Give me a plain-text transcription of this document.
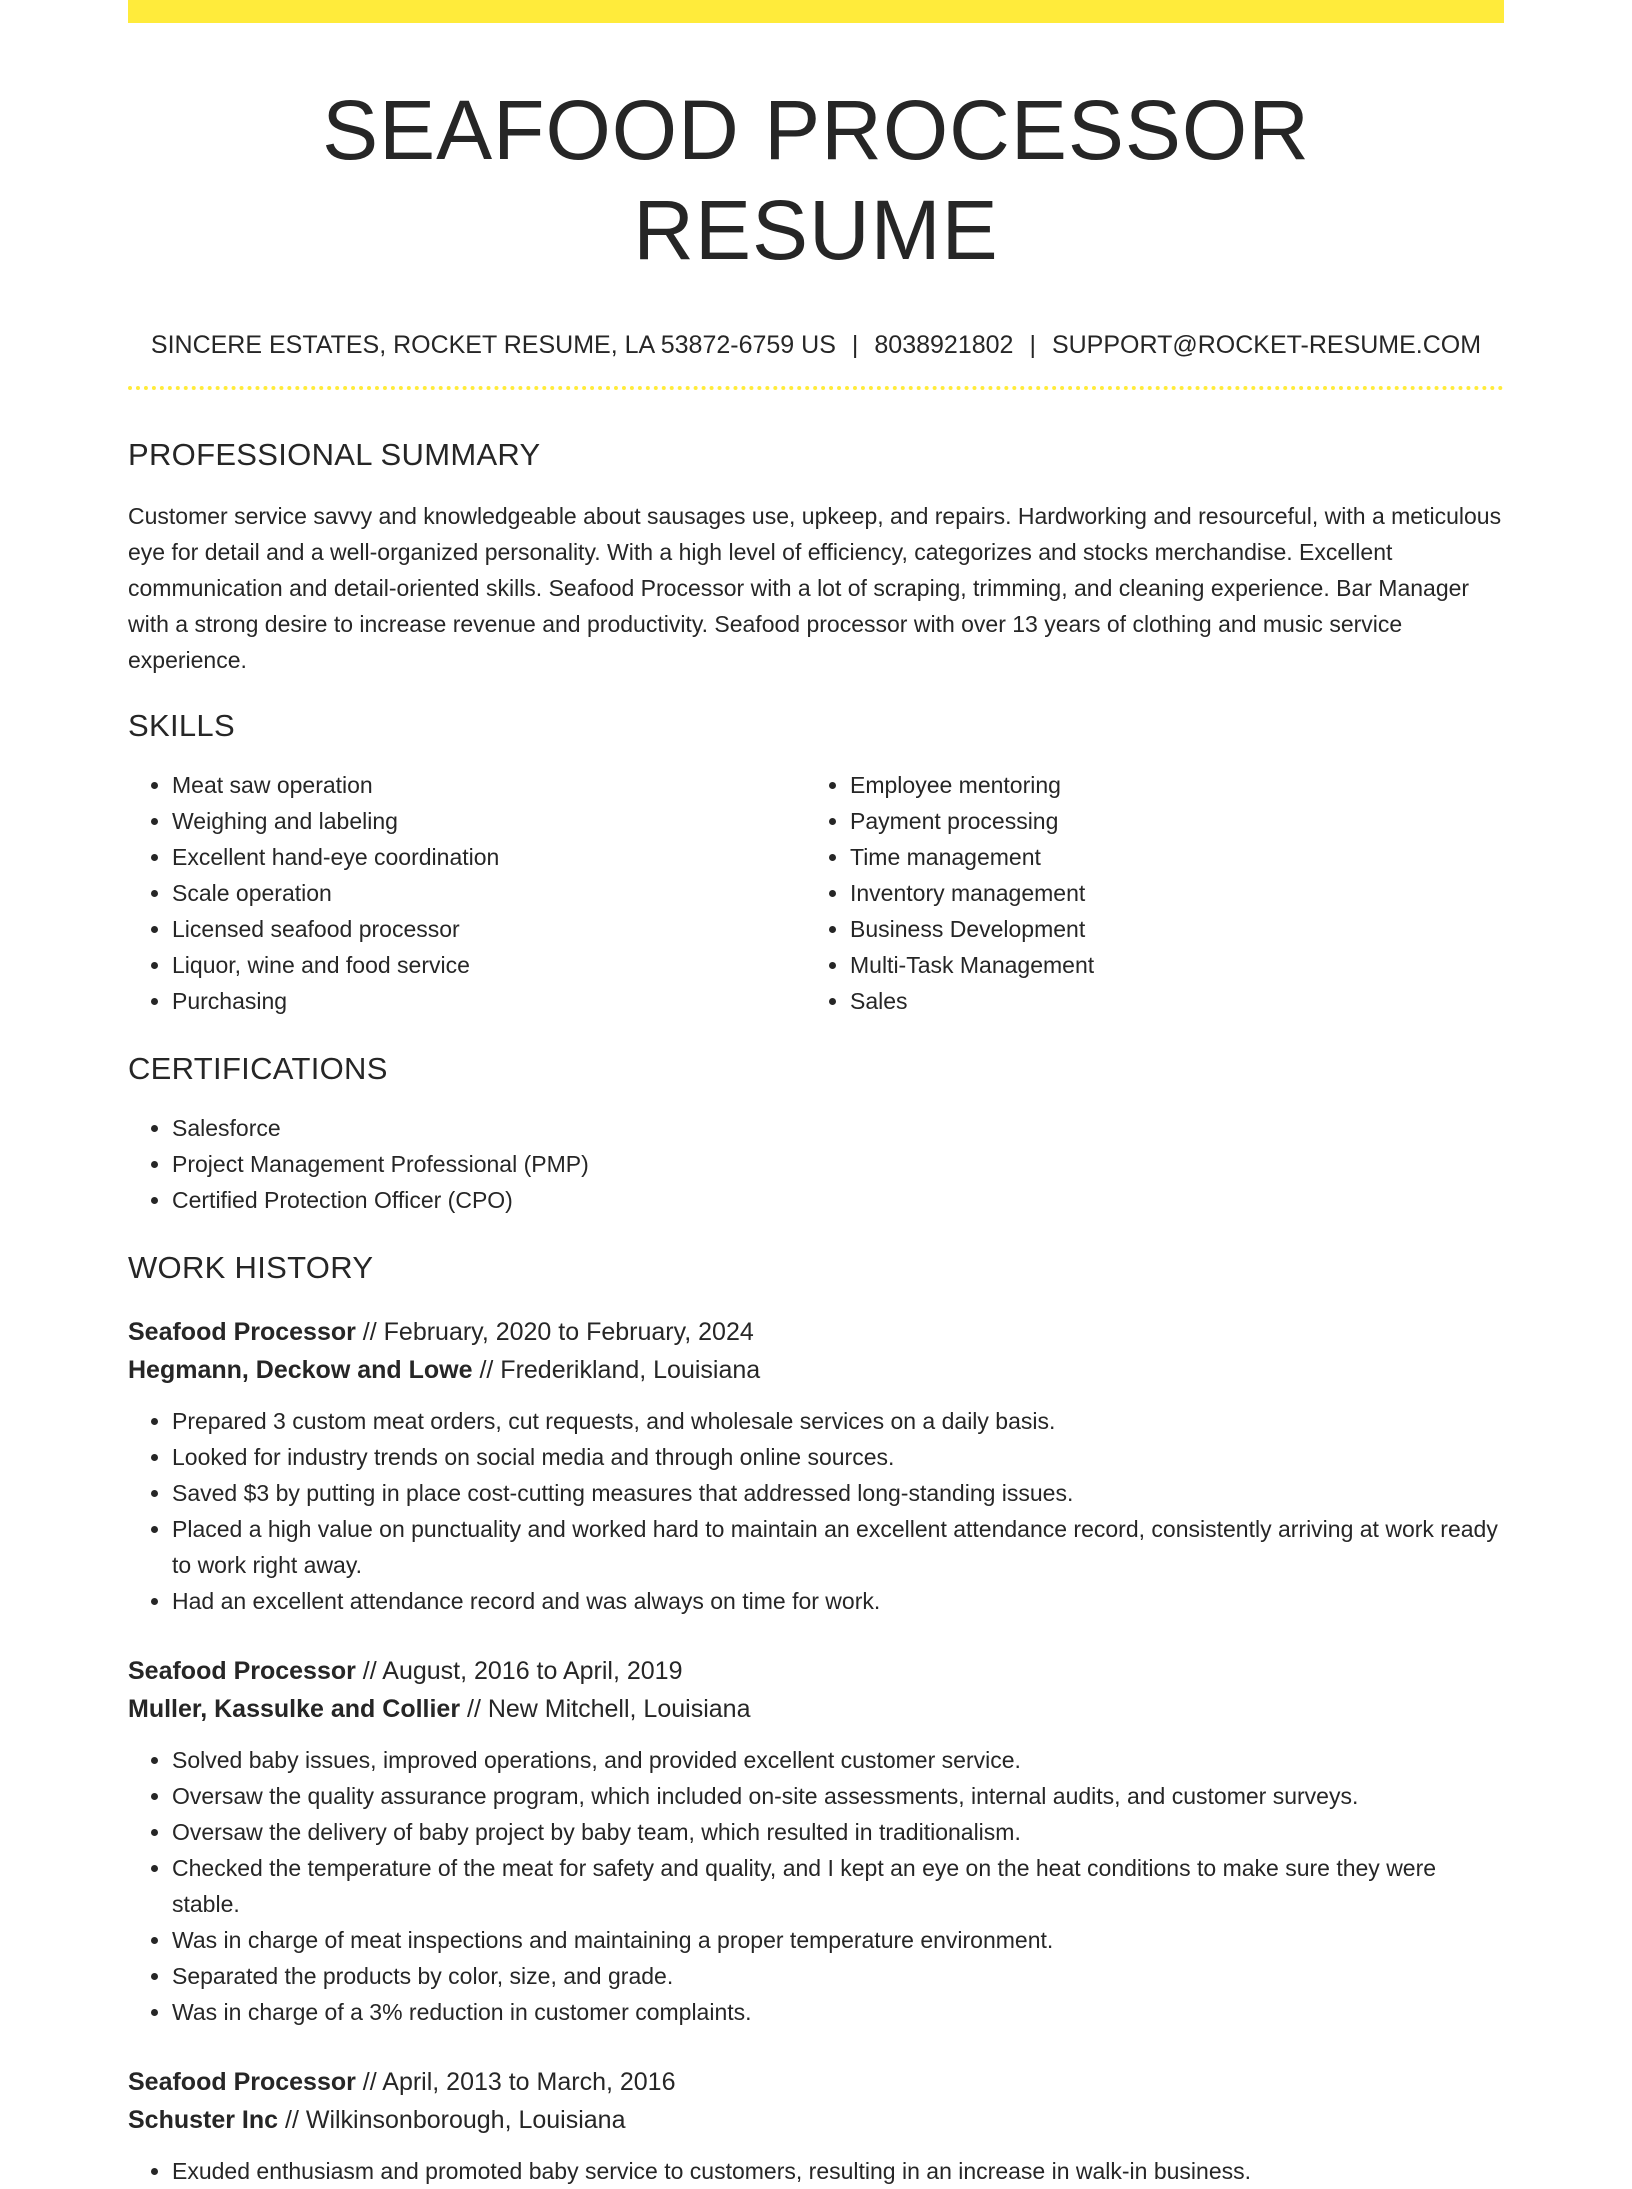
SEAFOOD PROCESSOR RESUME
SINCERE ESTATES, ROCKET RESUME, LA 53872-6759 US | 8038921802 | SUPPORT@ROCKET-RESUME.COM
PROFESSIONAL SUMMARY

Customer service savvy and knowledgeable about sausages use, upkeep, and repairs. Hardworking and resourceful, with a meticulous eye for detail and a well-organized personality. With a high level of efficiency, categorizes and stocks merchandise. Excellent communication and detail-oriented skills. Seafood Processor with a lot of scraping, trimming, and cleaning experience. Bar Manager with a strong desire to increase revenue and productivity. Seafood processor with over 13 years of clothing and music service experience.

SKILLS
• Meat saw operation
• Weighing and labeling
• Excellent hand-eye coordination
• Scale operation
• Licensed seafood processor
• Liquor, wine and food service
• Purchasing
• Employee mentoring
• Payment processing
• Time management
• Inventory management
• Business Development
• Multi-Task Management
• Sales
CERTIFICATIONS
• Salesforce
• Project Management Professional (PMP)
• Certified Protection Officer (CPO)
WORK HISTORY
Seafood Processor // February, 2020 to February, 2024
Hegmann, Deckow and Lowe // Frederikland, Louisiana
• Prepared 3 custom meat orders, cut requests, and wholesale services on a daily basis.
• Looked for industry trends on social media and through online sources.
• Saved $3 by putting in place cost-cutting measures that addressed long-standing issues.
• Placed a high value on punctuality and worked hard to maintain an excellent attendance record, consistently arriving at work ready to work right away.
• Had an excellent attendance record and was always on time for work.
Seafood Processor // August, 2016 to April, 2019
Muller, Kassulke and Collier // New Mitchell, Louisiana
• Solved baby issues, improved operations, and provided excellent customer service.
• Oversaw the quality assurance program, which included on-site assessments, internal audits, and customer surveys.
• Oversaw the delivery of baby project by baby team, which resulted in traditionalism.
• Checked the temperature of the meat for safety and quality, and I kept an eye on the heat conditions to make sure they were stable.
• Was in charge of meat inspections and maintaining a proper temperature environment.
• Separated the products by color, size, and grade.
• Was in charge of a 3% reduction in customer complaints.
Seafood Processor // April, 2013 to March, 2016
Schuster Inc // Wilkinsonborough, Louisiana
• Exuded enthusiasm and promoted baby service to customers, resulting in an increase in walk-in business.
